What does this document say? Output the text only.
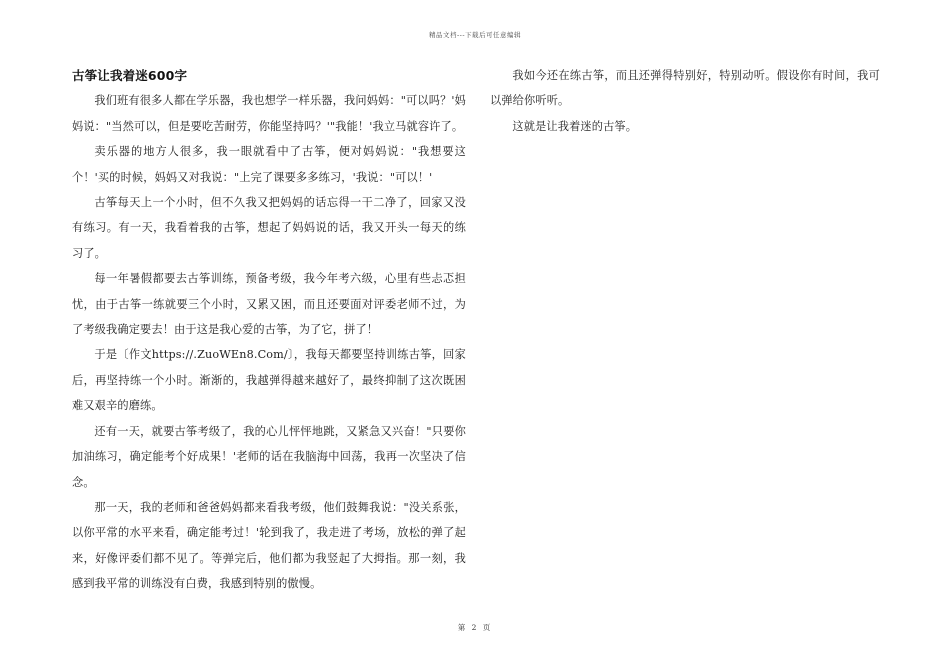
精品文档---下载后可任意编辑
古筝让我着迷600字

我们班有很多人都在学乐器，我也想学一样乐器，我问妈妈："可以吗？'妈妈说："当然可以，但是要吃苦耐劳，你能坚持吗？'"我能！'我立马就容许了。

卖乐器的地方人很多，我一眼就看中了古筝，便对妈妈说："我想要这个！'买的时候，妈妈又对我说："上完了课要多多练习，'我说："可以！'

古筝每天上一个小时，但不久我又把妈妈的话忘得一干二净了，回家又没有练习。有一天，我看着我的古筝，想起了妈妈说的话，我又开头一每天的练习了。

每一年暑假都要去古筝训练，预备考级，我今年考六级，心里有些忐忑担忧，由于古筝一练就要三个小时，又累又困，而且还要面对评委老师不过，为了考级我确定要去！由于这是我心爱的古筝，为了它，拼了！

于是〔作文https://.ZuoWEn8.Com/〕，我每天都要坚持训练古筝，回家后，再坚持练一个小时。渐渐的，我越弹得越来越好了，最终抑制了这次既困难又艰辛的磨练。

还有一天，就要古筝考级了，我的心儿怦怦地跳，又紧急又兴奋！"只要你加油练习，确定能考个好成果！'老师的话在我脑海中回荡，我再一次坚决了信念。

那一天，我的老师和爸爸妈妈都来看我考级，他们鼓舞我说："没关系张，以你平常的水平来看，确定能考过！'轮到我了，我走进了考场，放松的弹了起来，好像评委们都不见了。等弹完后，他们都为我竖起了大拇指。那一刻，我感到我平常的训练没有白费，我感到特别的傲慢。

我如今还在练古筝，而且还弹得特别好，特别动听。假设你有时间，我可以弹给你听听。

这就是让我着迷的古筝。

第 2 页
